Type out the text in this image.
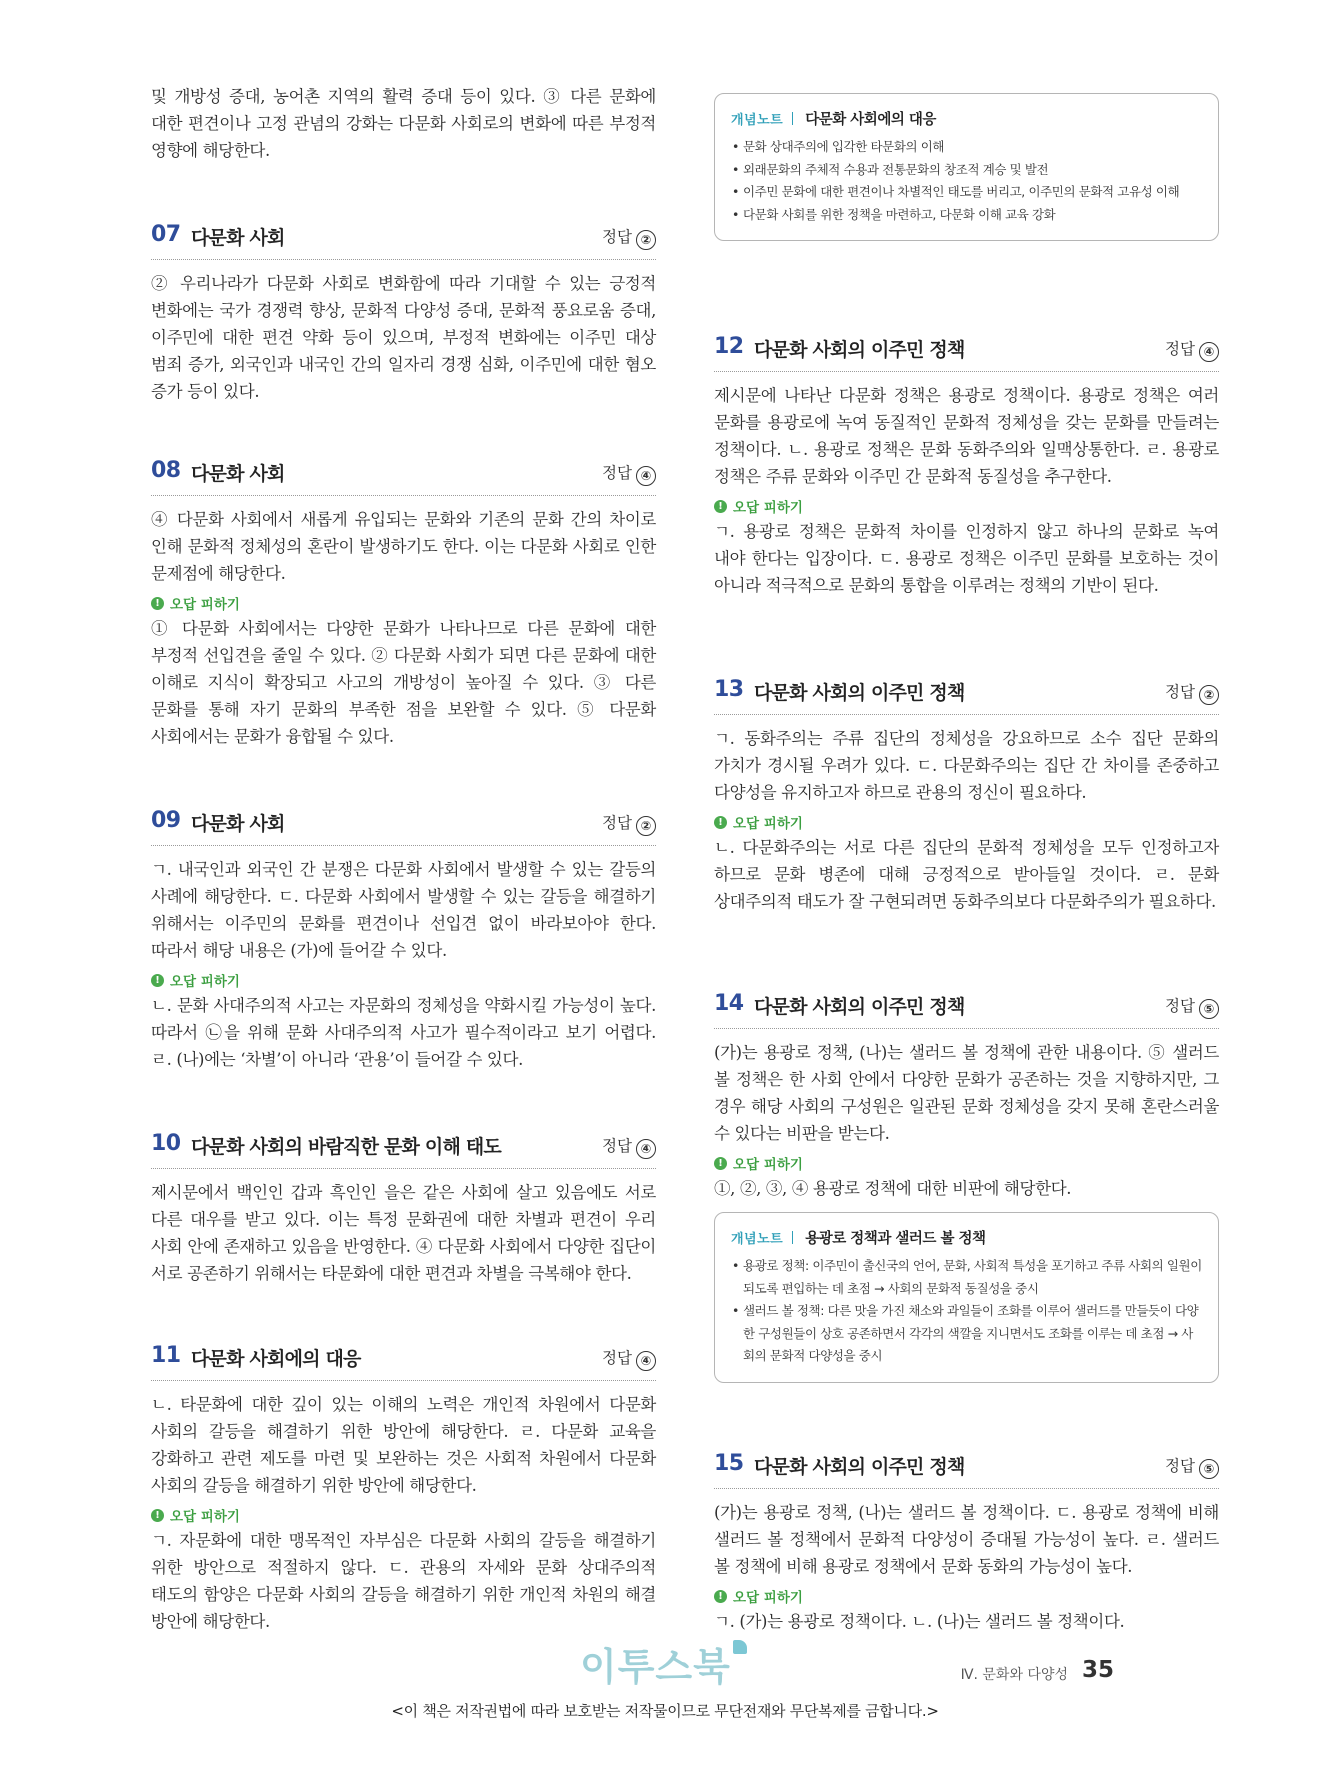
및 개방성 증대, 농어촌 지역의 활력 증대 등이 있다. ③ 다른 문화에 대한 편견이나 고정 관념의 강화는 다문화 사회로의 변화에 따른 부정적 영향에 해당한다.
07 다문화 사회	정답 ②
② 우리나라가 다문화 사회로 변화함에 따라 기대할 수 있는 긍정적 변화에는 국가 경쟁력 향상, 문화적 다양성 증대, 문화적 풍요로움 증대, 이주민에 대한 편견 약화 등이 있으며, 부정적 변화에는 이주민 대상 범죄 증가, 외국인과 내국인 간의 일자리 경쟁 심화, 이주민에 대한 혐오 증가 등이 있다.
08 다문화 사회	정답 ④
④ 다문화 사회에서 새롭게 유입되는 문화와 기존의 문화 간의 차이로 인해 문화적 정체성의 혼란이 발생하기도 한다. 이는 다문화 사회로 인한 문제점에 해당한다.
! 오답 피하기
① 다문화 사회에서는 다양한 문화가 나타나므로 다른 문화에 대한 부정적 선입견을 줄일 수 있다. ② 다문화 사회가 되면 다른 문화에 대한 이해로 지식이 확장되고 사고의 개방성이 높아질 수 있다. ③ 다른 문화를 통해 자기 문화의 부족한 점을 보완할 수 있다. ⑤ 다문화 사회에서는 문화가 융합될 수 있다.
09 다문화 사회	정답 ②
ㄱ. 내국인과 외국인 간 분쟁은 다문화 사회에서 발생할 수 있는 갈등의 사례에 해당한다. ㄷ. 다문화 사회에서 발생할 수 있는 갈등을 해결하기 위해서는 이주민의 문화를 편견이나 선입견 없이 바라보아야 한다. 따라서 해당 내용은 (가)에 들어갈 수 있다.
! 오답 피하기
ㄴ. 문화 사대주의적 사고는 자문화의 정체성을 약화시킬 가능성이 높다. 따라서 ㉡을 위해 문화 사대주의적 사고가 필수적이라고 보기 어렵다. ㄹ. (나)에는 ‘차별’이 아니라 ‘관용’이 들어갈 수 있다.
10 다문화 사회의 바람직한 문화 이해 태도	정답 ④
제시문에서 백인인 갑과 흑인인 을은 같은 사회에 살고 있음에도 서로 다른 대우를 받고 있다. 이는 특정 문화권에 대한 차별과 편견이 우리 사회 안에 존재하고 있음을 반영한다. ④ 다문화 사회에서 다양한 집단이 서로 공존하기 위해서는 타문화에 대한 편견과 차별을 극복해야 한다.
11 다문화 사회에의 대응	정답 ④
ㄴ. 타문화에 대한 깊이 있는 이해의 노력은 개인적 차원에서 다문화 사회의 갈등을 해결하기 위한 방안에 해당한다. ㄹ. 다문화 교육을 강화하고 관련 제도를 마련 및 보완하는 것은 사회적 차원에서 다문화 사회의 갈등을 해결하기 위한 방안에 해당한다.
! 오답 피하기
ㄱ. 자문화에 대한 맹목적인 자부심은 다문화 사회의 갈등을 해결하기 위한 방안으로 적절하지 않다. ㄷ. 관용의 자세와 문화 상대주의적 태도의 함양은 다문화 사회의 갈등을 해결하기 위한 개인적 차원의 해결 방안에 해당한다.
개념노트 다문화 사회에의 대응
• 문화 상대주의에 입각한 타문화의 이해
• 외래문화의 주체적 수용과 전통문화의 창조적 계승 및 발전
• 이주민 문화에 대한 편견이나 차별적인 태도를 버리고, 이주민의 문화적 고유성 이해
• 다문화 사회를 위한 정책을 마련하고, 다문화 이해 교육 강화
12 다문화 사회의 이주민 정책	정답 ④
제시문에 나타난 다문화 정책은 용광로 정책이다. 용광로 정책은 여러 문화를 용광로에 녹여 동질적인 문화적 정체성을 갖는 문화를 만들려는 정책이다. ㄴ. 용광로 정책은 문화 동화주의와 일맥상통한다. ㄹ. 용광로 정책은 주류 문화와 이주민 간 문화적 동질성을 추구한다.
! 오답 피하기
ㄱ. 용광로 정책은 문화적 차이를 인정하지 않고 하나의 문화로 녹여 내야 한다는 입장이다. ㄷ. 용광로 정책은 이주민 문화를 보호하는 것이 아니라 적극적으로 문화의 통합을 이루려는 정책의 기반이 된다.
13 다문화 사회의 이주민 정책	정답 ②
ㄱ. 동화주의는 주류 집단의 정체성을 강요하므로 소수 집단 문화의 가치가 경시될 우려가 있다. ㄷ. 다문화주의는 집단 간 차이를 존중하고 다양성을 유지하고자 하므로 관용의 정신이 필요하다.
! 오답 피하기
ㄴ. 다문화주의는 서로 다른 집단의 문화적 정체성을 모두 인정하고자 하므로 문화 병존에 대해 긍정적으로 받아들일 것이다. ㄹ. 문화 상대주의적 태도가 잘 구현되려면 동화주의보다 다문화주의가 필요하다.
14 다문화 사회의 이주민 정책	정답 ⑤
(가)는 용광로 정책, (나)는 샐러드 볼 정책에 관한 내용이다. ⑤ 샐러드 볼 정책은 한 사회 안에서 다양한 문화가 공존하는 것을 지향하지만, 그 경우 해당 사회의 구성원은 일관된 문화 정체성을 갖지 못해 혼란스러울 수 있다는 비판을 받는다.
! 오답 피하기
①, ②, ③, ④ 용광로 정책에 대한 비판에 해당한다.
개념노트 용광로 정책과 샐러드 볼 정책
• 용광로 정책: 이주민이 출신국의 언어, 문화, 사회적 특성을 포기하고 주류 사회의 일원이 되도록 편입하는 데 초점 → 사회의 문화적 동질성을 중시
• 샐러드 볼 정책: 다른 맛을 가진 채소와 과일들이 조화를 이루어 샐러드를 만들듯이 다양한 구성원들이 상호 공존하면서 각각의 색깔을 지니면서도 조화를 이루는 데 초점 → 사회의 문화적 다양성을 중시
15 다문화 사회의 이주민 정책	정답 ⑤
(가)는 용광로 정책, (나)는 샐러드 볼 정책이다. ㄷ. 용광로 정책에 비해 샐러드 볼 정책에서 문화적 다양성이 증대될 가능성이 높다. ㄹ. 샐러드 볼 정책에 비해 용광로 정책에서 문화 동화의 가능성이 높다.
! 오답 피하기
ㄱ. (가)는 용광로 정책이다. ㄴ. (나)는 샐러드 볼 정책이다.
이투스북	Ⅳ. 문화와 다양성 35
<이 책은 저작권법에 따라 보호받는 저작물이므로 무단전재와 무단복제를 금합니다.>
